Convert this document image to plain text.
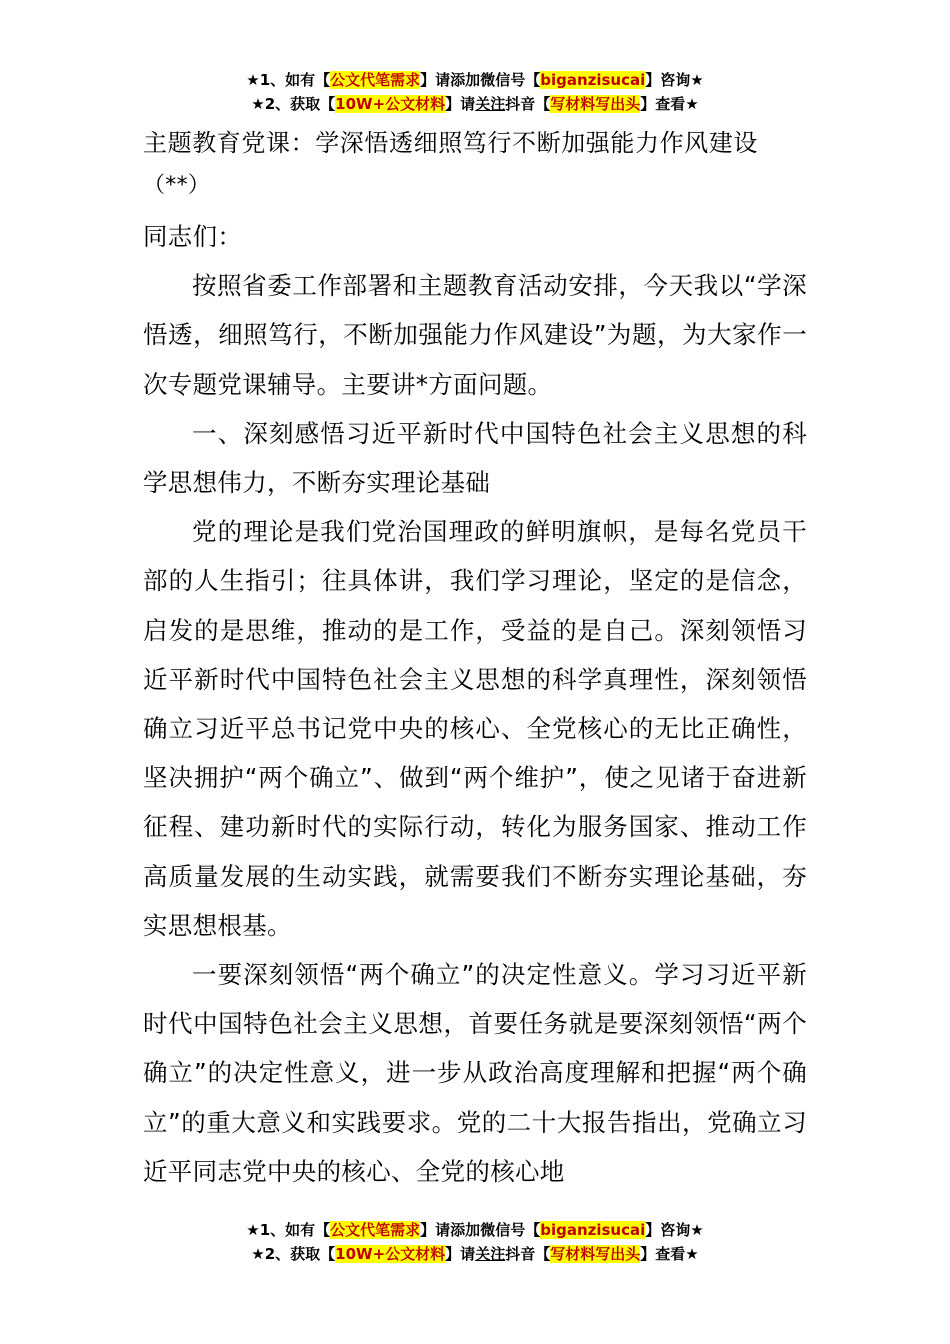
★1、如有【公文代笔需求】请添加微信号【biganzisucai】咨询★
★2、获取【10W+公文材料】请关注抖音【写材料写出头】查看★
主题教育党课：学深悟透细照笃行不断加强能力作风建设
（**）
同志们：

按照省委工作部署和主题教育活动安排，今天我以“学深悟透，细照笃行，不断加强能力作风建设”为题，为大家作一次专题党课辅导。主要讲*方面问题。

一、深刻感悟习近平新时代中国特色社会主义思想的科学思想伟力，不断夯实理论基础

党的理论是我们党治国理政的鲜明旗帜，是每名党员干部的人生指引；往具体讲，我们学习理论，坚定的是信念，启发的是思维，推动的是工作，受益的是自己。深刻领悟习近平新时代中国特色社会主义思想的科学真理性，深刻领悟确立习近平总书记党中央的核心、全党核心的无比正确性，坚决拥护“两个确立”、做到“两个维护”，使之见诸于奋进新征程、建功新时代的实际行动，转化为服务国家、推动工作高质量发展的生动实践，就需要我们不断夯实理论基础，夯实思想根基。

一要深刻领悟“两个确立”的决定性意义。学习习近平新时代中国特色社会主义思想，首要任务就是要深刻领悟“两个确立”的决定性意义，进一步从政治高度理解和把握“两个确立”的重大意义和实践要求。党的二十大报告指出，党确立习近平同志党中央的核心、全党的核心地

★1、如有【公文代笔需求】请添加微信号【biganzisucai】咨询★
★2、获取【10W+公文材料】请关注抖音【写材料写出头】查看★
